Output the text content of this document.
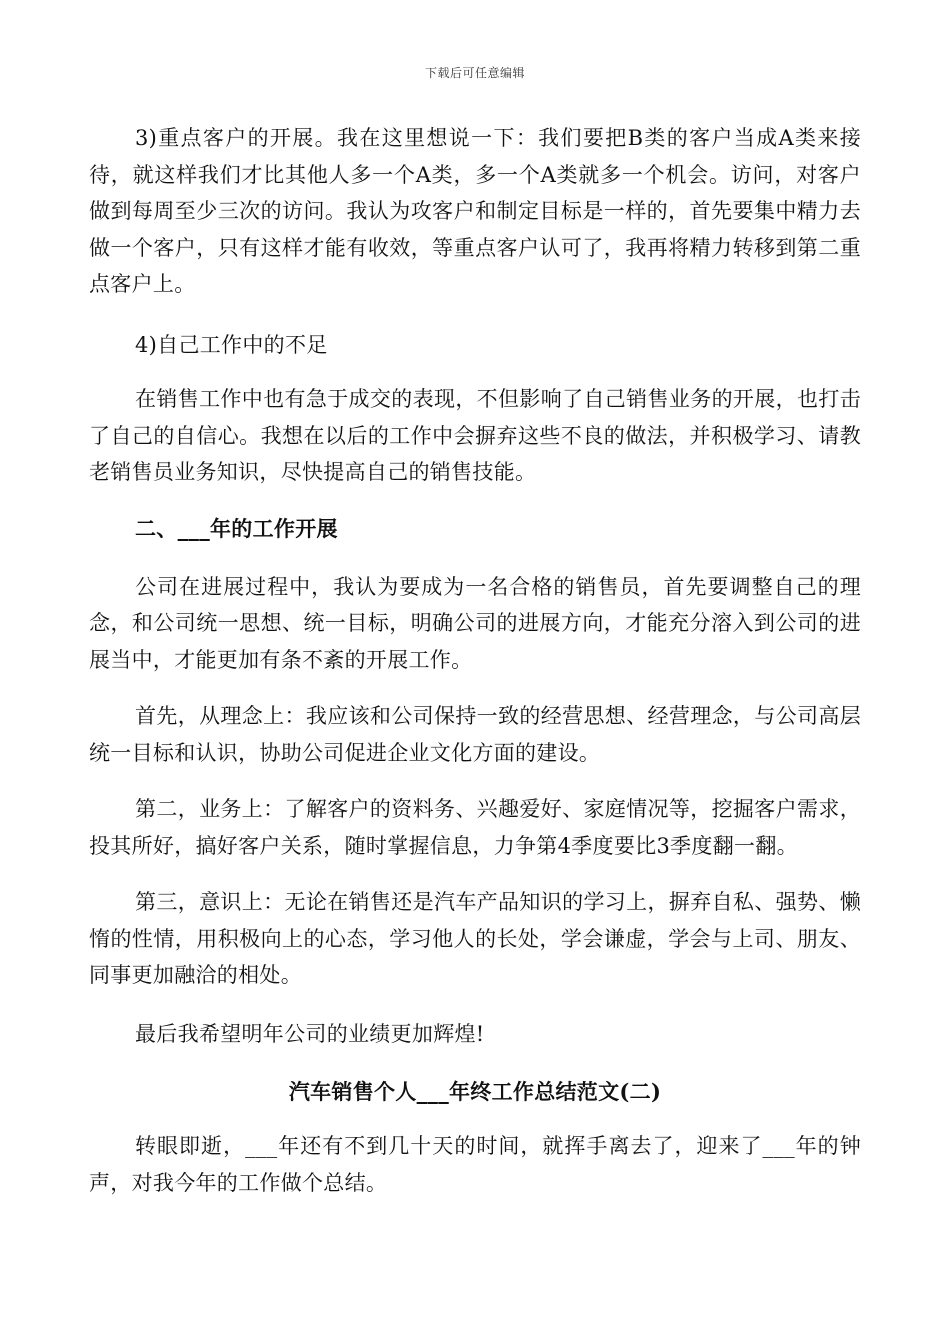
下载后可任意编辑

3)重点客户的开展。我在这里想说一下：我们要把B类的客户当成A类来接待，就这样我们才比其他人多一个A类，多一个A类就多一个机会。访问，对客户做到每周至少三次的访问。我认为攻客户和制定目标是一样的，首先要集中精力去做一个客户，只有这样才能有收效，等重点客户认可了，我再将精力转移到第二重点客户上。

4)自己工作中的不足

在销售工作中也有急于成交的表现，不但影响了自己销售业务的开展，也打击了自己的自信心。我想在以后的工作中会摒弃这些不良的做法，并积极学习、请教老销售员业务知识，尽快提高自己的销售技能。

二、___年的工作开展

公司在进展过程中，我认为要成为一名合格的销售员，首先要调整自己的理念，和公司统一思想、统一目标，明确公司的进展方向，才能充分溶入到公司的进展当中，才能更加有条不紊的开展工作。

首先，从理念上：我应该和公司保持一致的经营思想、经营理念，与公司高层统一目标和认识，协助公司促进企业文化方面的建设。

第二，业务上：了解客户的资料务、兴趣爱好、家庭情况等，挖掘客户需求，投其所好，搞好客户关系，随时掌握信息，力争第4季度要比3季度翻一翻。

第三，意识上：无论在销售还是汽车产品知识的学习上，摒弃自私、强势、懒惰的性情，用积极向上的心态，学习他人的长处，学会谦虚，学会与上司、朋友、同事更加融洽的相处。

最后我希望明年公司的业绩更加辉煌!

汽车销售个人___年终工作总结范文(二)

转眼即逝，___年还有不到几十天的时间，就挥手离去了，迎来了___年的钟声，对我今年的工作做个总结。
